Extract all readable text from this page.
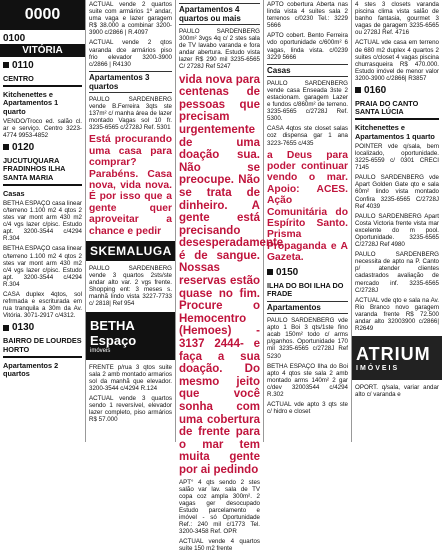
0000
0100
VITÓRIA
0110
CENTRO
Kitchenettes e Apartamentos 1 quarto
VENDO/Troco ed. salão cl. ar e serviço. Centro 3223-4774 9953-4852
0120
JUCUTUQUARA FRADINHOS ILHA SANTA MARIA
Casas
BETHA ESPAÇO casa linear c/terreno 1.100 m2 4 qtos 2 stes var mont arm 430 m2 c/4 vgs lazer c/pisc. Estudo apt. 3200-3544 c/4294 R.304
BETHA ESPAÇO casa linear c/terreno 1.100 m2 4 qtos 2 stes var mont arm 430 m2 c/4 vgs lazer c/pisc. Estudo apt. 3200-3544 c/4294 R.304
CASA duplex 4qtos, sol refrmada e escriturada em rua tranquila a 30m da Av. Vitória. 3071-2917 c/4312.
0130
BAIRRO DE LOURDES HORTO
Apartamentos 2 quartos
ACTUAL vende 2 quartos suite com armários 1º andar, uma vaga e lazer garagem R$ 38.000 a combinar 3200-3900 c/2866 | R.4097
ACTUAL vende 2 qtos varanda dce armários piso frio elevador 3200-3900 c/2866 | R4130
Apartamentos 3 quartos
PAULO SARDENBERG vende B.Ferreira 3qts ste 137m² c/ manha área de lazer montado Vagas sol 10 fr. 3235-6565 c/2728J Ref. 5301
Está procurando uma casa para comprar? Parabéns. Casa nova, vida nova. É por isso que a gente quer aproveitar a chance e pedir
SKEMALUGA
PAULO SARDENBERG vende 3 quartos 2sts/ste andar alto var. 2 vgs frente. Shopping ent: 3 meses s. manhã lindo vista 3227-7733 c/ 2818| Ref 954
BETHA Espaço
imóveis
FRENTE p/rua 3 qtos suite sala 2 amb montado armarios sol da manhã que elevador. 3200-3544 c/4294 R.124
ACTUAL vende 3 quartos sendo 1 reversível, elevador lazer completo, piso armários R$ 57.000
Apartamentos 4 quartos ou mais
PAULO SARDENBERG 300m² 3vgs 4q c/ 2 stes sala de TV lavabo varanda e fora andar abertura. Estudo vista lazer R$ 290 mil 3235-6565 C/ 2728J Ref 5247
vida nova para centenas de pessoas que precisam urgentemente de uma doação sua. Não se preocupe. Não se trata de dinheiro. A gente está precisando desesperadamente é de sangue. Nossas reservas estão quase no fim. Procure o Hemocentro (Hemoes) - 3137 2444- e faça a sua doação. Do mesmo jeito que você sonha com uma cobertura de frente para o mar tem muita gente por ai pedindo
APT° 4 qts sendo 2 stes salão var lav. sala de TV copa coz ampla 300m². 2 vagas ger desocupado Estudo parcelamento e imóvel - só Oportunidade Ref.: 240 mil c/1773 Tel. 3200-3458 Ref. OPR
ACTUAL vende 4 quartos suíte 150 m2 frente
APTO cobertura Aberta nas linda vista 4 suites sala 2 terrenos c/0230 Tel.: 3229 5666
APTO cobert. Bento Ferreira vdo oportunidade c/600m² 6 vagas, linda vista. c/0239 3229 5666
Casas
PAULO SARDENBERG vende casa Enseada 3ste 2 estacionam. garagem Lazer e fundos c/860m² de terreno. 3235-6565 c/2728J Ref. 5300.
CASA 4qtos ste closet salas coz dispensa gar 1 ana 3223-7655 c/435
a Deus para poder continuar vendo o mar. Apoio: ACES. Ação Comunitária do Espírito Santo. Prisma Propaganda e A Gazeta.
0150
ILHA DO BOI ILHA DO FRADE
Apartamentos
PAULO SARDENBERG vde apto 1 Boi 3 qts/1ste fino acab 150m² todo c/ arms p/ganhos. Oportunidade 170 mil 3235-6565 c/2728J Ref 5230
BETHA ESPAÇO Ilha do Boi apto 4 qtos ste sala 2 amb montado arms 140m² 2 gar c/dev 32003544 c/4294 R.302
ACTUAL vde apto 3 qts ste c/ hidro e closet
4 stes 3 closets varanda piscina clima vista salão de banho fantasia, gourmet 3 vagas de garagem 3235-6565 ou 2728J Ref. 4716
ACTUAL vde casa em terreno de 680 m2 duplex 4 quartos 2 suites c/closet 4 vagas piscina churrasqueira R$ 470.000. Estudo imóvel de menor valor 3200-3900 c/2866| R3857
0160
PRAIA DO CANTO SANTA LÚCIA
Kitchenettes e Apartamentos 1 quarto
POINTER vde q/sala, bem localizado, oportunidade. 3225-6559 c/ 0301 CRECI 7145
PAULO SARDENBERG vde Apart Golden Gate qto e sala 60m² lindo vista montado Confira 3235-6565 C/2728J Ref 4039
PAULO SARDENBERG Apart Costa Victoria frente vista mar excelente do m pool. Oportunidade. 3235-6565 C/2728J Ref 4980
PAULO SARDENBERG necessita de apto na P. Canto p/ atender clientes cadastrados avaliação de mercado inf. 3235-6565 C/2728J
ACTUAL vde qto e sala na Av. Rio Branco novo garagem varanda frente R$ 72.500 andar alto 32003900 c/2866| R2649
ATRIUM
IMÓVEIS
OPORT. q/sala, variar andar alto c/ varanda e
